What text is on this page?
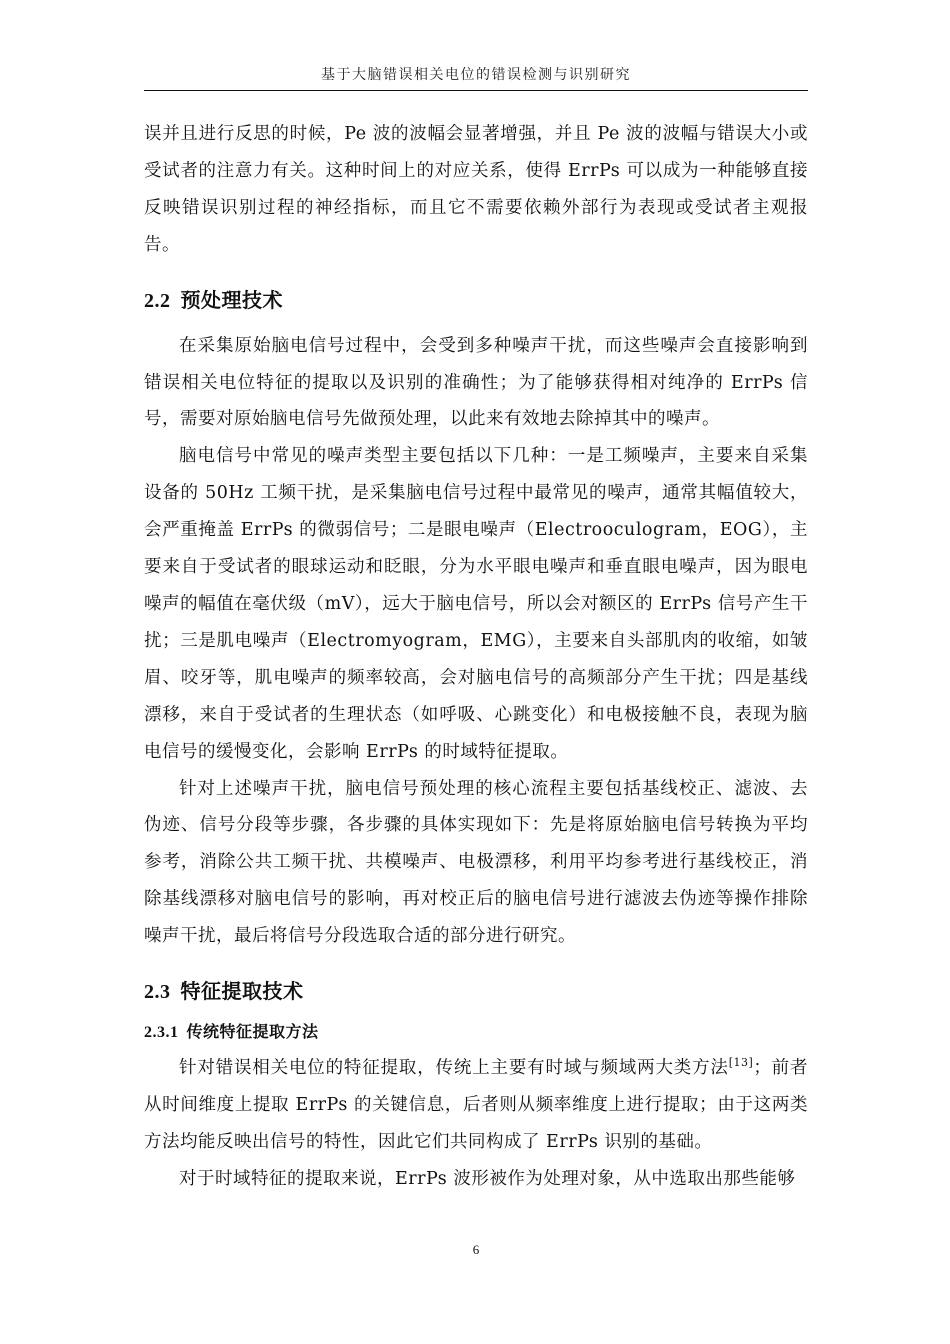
基于大脑错误相关电位的错误检测与识别研究

误并且进行反思的时候，Pe 波的波幅会显著增强，并且 Pe 波的波幅与错误大小或受试者的注意力有关。这种时间上的对应关系，使得 ErrPs 可以成为一种能够直接反映错误识别过程的神经指标，而且它不需要依赖外部行为表现或受试者主观报告。

2.2 预处理技术

在采集原始脑电信号过程中，会受到多种噪声干扰，而这些噪声会直接影响到错误相关电位特征的提取以及识别的准确性；为了能够获得相对纯净的 ErrPs 信号，需要对原始脑电信号先做预处理，以此来有效地去除掉其中的噪声。

脑电信号中常见的噪声类型主要包括以下几种：一是工频噪声，主要来自采集设备的 50Hz 工频干扰，是采集脑电信号过程中最常见的噪声，通常其幅值较大，会严重掩盖 ErrPs 的微弱信号；二是眼电噪声（Electrooculogram，EOG），主要来自于受试者的眼球运动和眨眼，分为水平眼电噪声和垂直眼电噪声，因为眼电噪声的幅值在毫伏级（mV），远大于脑电信号，所以会对额区的 ErrPs 信号产生干扰；三是肌电噪声（Electromyogram，EMG），主要来自头部肌肉的收缩，如皱眉、咬牙等，肌电噪声的频率较高，会对脑电信号的高频部分产生干扰；四是基线漂移，来自于受试者的生理状态（如呼吸、心跳变化）和电极接触不良，表现为脑电信号的缓慢变化，会影响 ErrPs 的时域特征提取。

针对上述噪声干扰，脑电信号预处理的核心流程主要包括基线校正、滤波、去伪迹、信号分段等步骤，各步骤的具体实现如下：先是将原始脑电信号转换为平均参考，消除公共工频干扰、共模噪声、电极漂移，利用平均参考进行基线校正，消除基线漂移对脑电信号的影响，再对校正后的脑电信号进行滤波去伪迹等操作排除噪声干扰，最后将信号分段选取合适的部分进行研究。

2.3 特征提取技术
2.3.1 传统特征提取方法

针对错误相关电位的特征提取，传统上主要有时域与频域两大类方法[13]；前者从时间维度上提取 ErrPs 的关键信息，后者则从频率维度上进行提取；由于这两类方法均能反映出信号的特性，因此它们共同构成了 ErrPs 识别的基础。

对于时域特征的提取来说，ErrPs 波形被作为处理对象，从中选取出那些能够

6
